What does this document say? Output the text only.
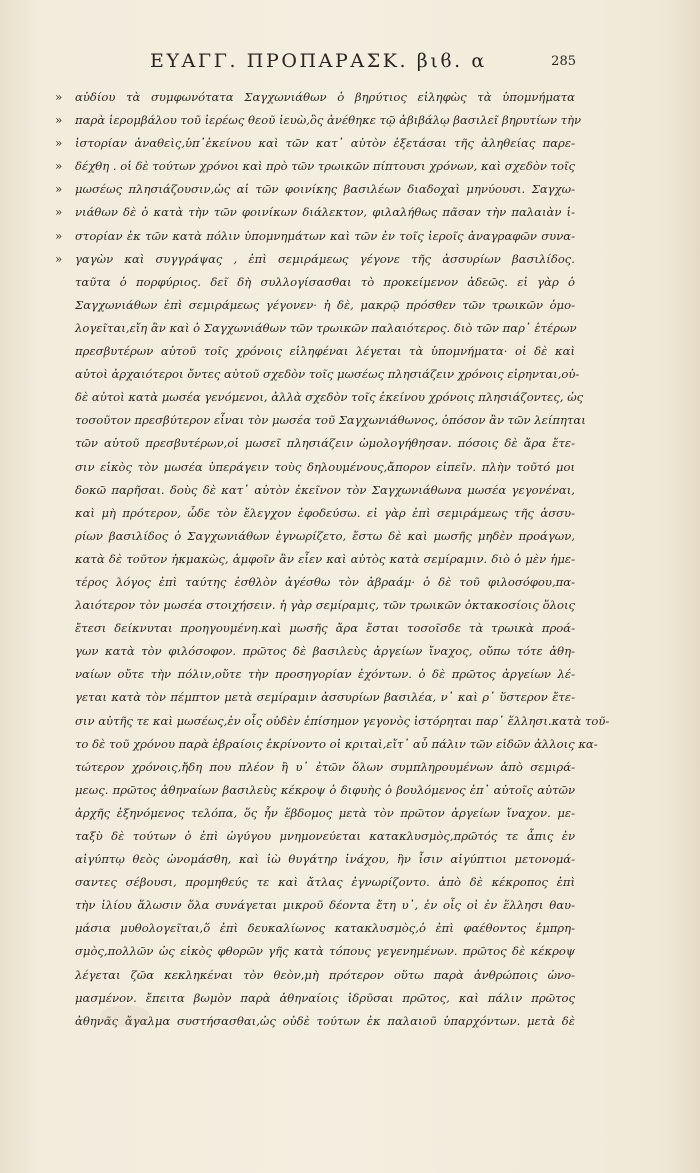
ΕΥΑΓΓ. ΠΡΟΠΑΡΑΣΚ. βιϐ. α	285
» αὐδίου τὰ συμφωνότατα Σαγχωνιάθων ὁ βηρύτιος εἰληφὼς τὰ ὑπομνήματα
» παρὰ ἱερομβάλου τοῦ ἱερέως θεοῦ ἰευὼ,ὃς ἀνέθηκε τῷ ἀβιβάλῳ βασιλεῖ βηρυτίων τὴν
» ἱστορίαν ἀναθεὶς,ὑπ᾽ἐκείνου καὶ τῶν κατ᾽ αὐτὸν ἐξετάσαι τῆς ἀληθείας παρε-
» δέχθη . οἱ δὲ τούτων χρόνοι καὶ πρὸ τῶν τρωικῶν πίπτουσι χρόνων, καὶ σχεδὸν τοῖς
» μωσέως πλησιάζουσιν,ὡς αἱ τῶν φοινίκης βασιλέων διαδοχαὶ μηνύουσι. Σαγχω-
» νιάθων δὲ ὁ κατὰ τὴν τῶν φοινίκων διάλεκτον, φιλαλήθως πᾶσαν τὴν παλαιὰν ἱ-
» στορίαν ἐκ τῶν κατὰ πόλιν ὑπομνημάτων καὶ τῶν ἐν τοῖς ἱεροῖς ἀναγραφῶν συνα-
» γαγὼν καὶ συγγράψας , ἐπὶ σεμιράμεως γέγονε τῆς ἀσσυρίων βασιλίδος.
ταῦτα ὁ πορφύριος. δεῖ δὴ συλλογίσασθαι τὸ προκείμενον ἀδεῶς. εἰ γὰρ ὁ
Σαγχωνιάθων ἐπὶ σεμιράμεως γέγονεν· ἡ δὲ, μακρῷ πρόσθεν τῶν τρωικῶν ὁμο-
λογεῖται,εἴη ἂν καὶ ὁ Σαγχωνιάθων τῶν τρωικῶν παλαιότερος. διὸ τῶν παρ᾽ ἑτέρων
πρεσβυτέρων αὐτοῦ τοῖς χρόνοις εἰληφέναι λέγεται τὰ ὑπομνήματα· οἱ δὲ καὶ
αὐτοὶ ἀρχαιότεροι ὄντες αὐτοῦ σχεδὸν τοῖς μωσέως πλησιάζειν χρόνοις εἰρηνται,οὐ-
δὲ αὐτοὶ κατὰ μωσέα γενόμενοι, ἀλλὰ σχεδὸν τοῖς ἐκείνου χρόνοις πλησιάζοντες, ὡς
τοσοῦτον πρεσβύτερον εἶναι τὸν μωσέα τοῦ Σαγχωνιάθωνος, ὁπόσον ἂν τῶν λείπηται
τῶν αὐτοῦ πρεσβυτέρων,οἱ μωσεῖ πλησιάζειν ὡμολογήθησαν. πόσοις δὲ ἄρα ἔτε-
σιν εἰκὸς τὸν μωσέα ὑπεράγειν τοὺς δηλουμένους,ἄπορον εἰπεῖν. πλὴν τοῦτό μοι
δοκῶ παρῆσαι. δοὺς δὲ κατ᾽ αὐτὸν ἐκεῖνον τὸν Σαγχωνιάθωνα μωσέα γεγονέναι,
καὶ μὴ πρότερον, ὧδε τὸν ἔλεγχον ἐφοδεύσω. εἰ γὰρ ἐπὶ σεμιράμεως τῆς ἀσσυ-
ρίων βασιλίδος ὁ Σαγχωνιάθων ἐγνωρίζετο, ἔστω δὲ καὶ μωσῆς μηδὲν προάγων,
κατὰ δὲ τοῦτον ἠκμακὼς, ἀμφοῖν ἂν εἶεν καὶ αὐτὸς κατὰ σεμίραμιν. διὸ ὁ μὲν ἡμε-
τέρος λόγος ἐπὶ ταύτης ἐσθλὸν ἀγέσθω τὸν ἀβραάμ· ὁ δὲ τοῦ φιλοσόφου,πα-
λαιότερον τὸν μωσέα στοιχήσειν. ἡ γὰρ σεμίραμις, τῶν τρωικῶν ὀκτακοσίοις ὅλοις
ἔτεσι δείκνυται προηγουμένη.καὶ μωσῆς ἄρα ἔσται τοσοῖσδε τὰ τρωικὰ προά-
γων κατὰ τὸν φιλόσοφον. πρῶτος δὲ βασιλεὺς ἀργείων ἴναχος, οὔπω τότε ἀθη-
ναίων οὔτε τὴν πόλιν,οὔτε τὴν προσηγορίαν ἐχόντων. ὁ δὲ πρῶτος ἀργείων λέ-
γεται κατὰ τὸν πέμπτον μετὰ σεμίραμιν ἀσσυρίων βασιλέα, ν᾽ καὶ ρ᾽ ὕστερον ἔτε-
σιν αὐτῆς τε καὶ μωσέως,ἐν οἷς οὐδὲν ἐπίσημον γεγονὸς ἱστόρηται παρ᾽ ἕλλησι.κατὰ τοῦ-
το δὲ τοῦ χρόνου παρὰ ἑβραίοις ἐκρίνοντο οἱ κριταὶ,εἴτ᾽ αὖ πάλιν τῶν εἰδῶν ἀλλοις κα-
τώτερον χρόνοις,ἤδη που πλέον ἢ υ᾽ ἐτῶν ὅλων συμπληρουμένων ἀπὸ σεμιρά-
μεως. πρῶτος ἀθηναίων βασιλεὺς κέκροψ ὁ διφυὴς ὁ βουλόμενος ἐπ᾽ αὐτοῖς αὐτῶν
ἀρχῆς ἐξηνόμενος τελόπα, ὅς ἦν ἕβδομος μετὰ τὸν πρῶτον ἀργείων ἴναχον. με-
ταξὺ δὲ τούτων ὁ ἐπὶ ὠγύγου μνημονεύεται κατακλυσμὸς,πρῶτός τε ἆπις ἐν
αἰγύπτῳ θεὸς ὠνομάσθη, καὶ ἰὼ θυγάτηρ ἰνάχου, ἣν ἶσιν αἰγύπτιοι μετονομά-
σαντες σέβουσι, προμηθεύς τε καὶ ἄτλας ἐγνωρίζοντο. ἀπὸ δὲ κέκροπος ἐπὶ
τὴν ἰλίου ἅλωσιν ὅλα συνάγεται μικροῦ δέοντα ἔτη υ᾽, ἐν οἷς οἱ ἐν ἕλλησι θαυ-
μάσια μυθολογεῖται,ὅ ἐπὶ δευκαλίωνος κατακλυσμὸς,ὁ ἐπὶ φαέθοντος ἐμπρη-
σμὸς,πολλῶν ὡς εἰκὸς φθορῶν γῆς κατὰ τόπους γεγενημένων. πρῶτος δὲ κέκροψ
λέγεται ζῶα κεκληκέναι τὸν θεὸν,μὴ πρότερον οὕτω παρὰ ἀνθρώποις ὠνο-
μασμένον. ἔπειτα βωμὸν παρὰ ἀθηναίοις ἱδρῦσαι πρῶτος, καὶ πάλιν πρῶτος
ἀθηνᾶς ἄγαλμα συστήσασθαι,ὡς οὐδὲ τούτων ἐκ παλαιοῦ ὑπαρχόντων. μετὰ δὲ
